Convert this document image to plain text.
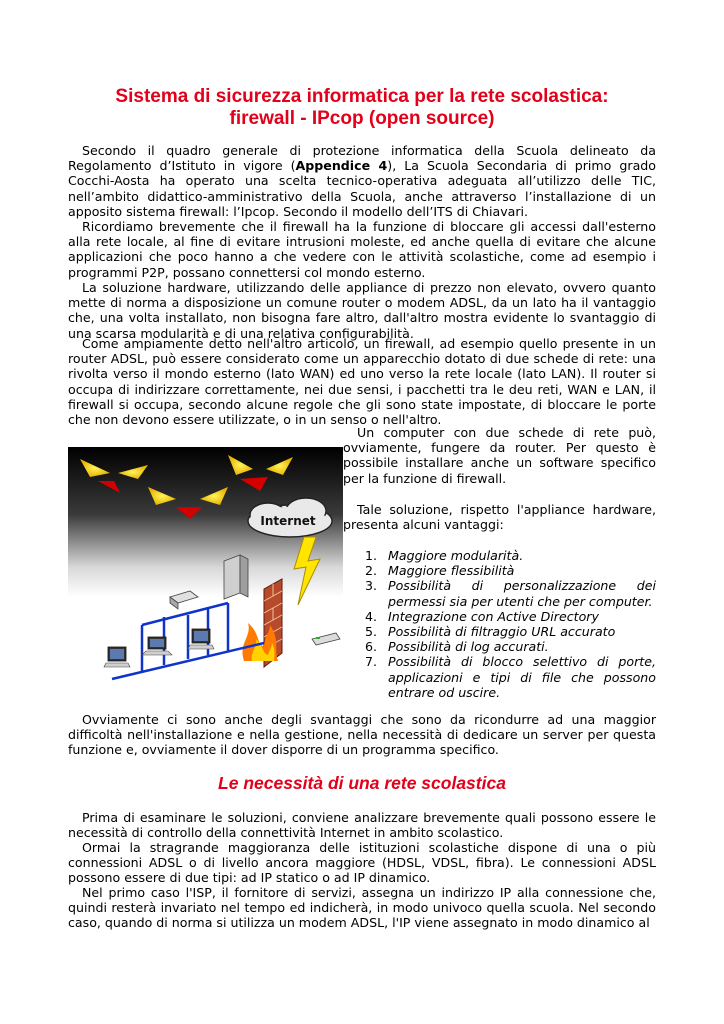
Sistema di sicurezza informatica per la rete scolastica:
firewall - IPcop (open source)

Secondo il quadro generale di protezione informatica della Scuola delineato da Regolamento d’Istituto in vigore (Appendice 4), La Scuola Secondaria di primo grado Cocchi-Aosta ha operato una scelta tecnico-operativa adeguata all’utilizzo delle TIC, nell’ambito didattico-amministrativo della Scuola, anche attraverso l’installazione di un apposito sistema firewall: l’Ipcop. Secondo il modello dell’ITS di Chiavari.

Ricordiamo brevemente che il firewall ha la funzione di bloccare gli accessi dall'esterno alla rete locale, al fine di evitare intrusioni moleste, ed anche quella di evitare che alcune applicazioni che poco hanno a che vedere con le attività scolastiche, come ad esempio i programmi P2P, possano connettersi col mondo esterno.

La soluzione hardware, utilizzando delle appliance di prezzo non elevato, ovvero quanto mette di norma a disposizione un comune router o modem ADSL, da un lato ha il vantaggio che, una volta installato, non bisogna fare altro, dall'altro mostra evidente lo svantaggio di una scarsa modularità e di una relativa configurabilità.

Come ampiamente detto nell'altro articolo, un firewall, ad esempio quello presente in un router ADSL, può essere considerato come un apparecchio dotato di due schede di rete: una rivolta verso il mondo esterno (lato WAN) ed uno verso la rete locale (lato LAN). Il router si occupa di indirizzare correttamente, nei due sensi, i pacchetti tra le deu reti, WAN e LAN, il firewall si occupa, secondo alcune regole che gli sono state impostate, di bloccare le porte che non devono essere utilizzate, o in un senso o nell'altro.

Internet

Un computer con due schede di rete può, ovviamente, fungere da router. Per questo è possibile installare anche un software specifico per la funzione di firewall.

Tale soluzione, rispetto l'appliance hardware, presenta alcuni vantaggi:

1. Maggiore modularità.
2. Maggiore flessibilità
3. Possibilità di personalizzazione dei permessi sia per utenti che per computer.
4. Integrazione con Active Directory
5. Possibilità di filtraggio URL accurato
6. Possibilità di log accurati.
7. Possibilità di blocco selettivo di porte, applicazioni e tipi di file che possono entrare od uscire.

Ovviamente ci sono anche degli svantaggi che sono da ricondurre ad una maggior difficoltà nell'installazione e nella gestione, nella necessità di dedicare un server per questa funzione e, ovviamente il dover disporre di un programma specifico.

Le necessità di una rete scolastica

Prima di esaminare le soluzioni, conviene analizzare brevemente quali possono essere le necessità di controllo della connettività Internet in ambito scolastico.

Ormai la stragrande maggioranza delle istituzioni scolastiche dispone di una o più connessioni ADSL o di livello ancora maggiore (HDSL, VDSL, fibra). Le connessioni ADSL possono essere di due tipi: ad IP statico o ad IP dinamico.

Nel primo caso l'ISP, il fornitore di servizi, assegna un indirizzo IP alla connessione che, quindi resterà invariato nel tempo ed indicherà, in modo univoco quella scuola. Nel secondo caso, quando di norma si utilizza un modem ADSL, l'IP viene assegnato in modo dinamico al
